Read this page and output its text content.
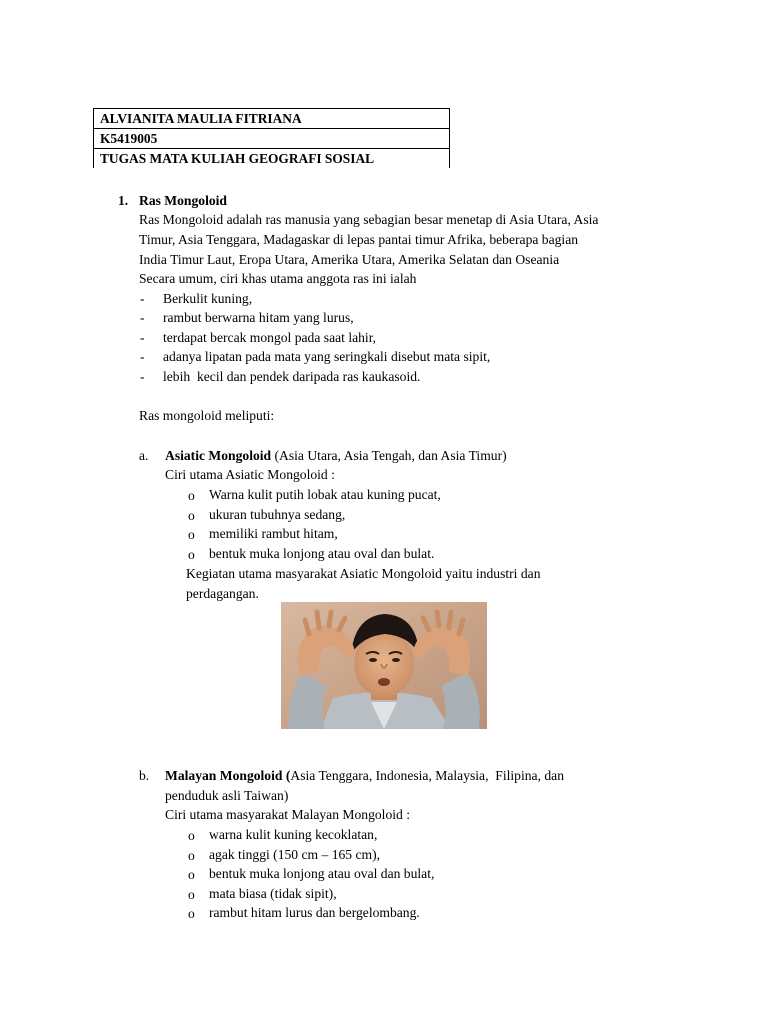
ALVIANITA MAULIA FITRIANA
K5419005
TUGAS MATA KULIAH GEOGRAFI SOSIAL
1. Ras Mongoloid
Ras Mongoloid adalah ras manusia yang sebagian besar menetap di Asia Utara, Asia
Timur, Asia Tenggara, Madagaskar di lepas pantai timur Afrika, beberapa bagian
India Timur Laut, Eropa Utara, Amerika Utara, Amerika Selatan dan Oseania
Secara umum, ciri khas utama anggota ras ini ialah
- Berkulit kuning,
- rambut berwarna hitam yang lurus,
- terdapat bercak mongol pada saat lahir,
- adanya lipatan pada mata yang seringkali disebut mata sipit,
- lebih  kecil dan pendek daripada ras kaukasoid.
Ras mongoloid meliputi:
a. Asiatic Mongoloid (Asia Utara, Asia Tengah, dan Asia Timur)
Ciri utama Asiatic Mongoloid :
o Warna kulit putih lobak atau kuning pucat,
o ukuran tubuhnya sedang,
o memiliki rambut hitam,
o bentuk muka lonjong atau oval dan bulat.
Kegiatan utama masyarakat Asiatic Mongoloid yaitu industri dan
perdagangan.
b. Malayan Mongoloid (Asia Tenggara, Indonesia, Malaysia,  Filipina, dan
penduduk asli Taiwan)
Ciri utama masyarakat Malayan Mongoloid :
o warna kulit kuning kecoklatan,
o agak tinggi (150 cm – 165 cm),
o bentuk muka lonjong atau oval dan bulat,
o mata biasa (tidak sipit),
o rambut hitam lurus dan bergelombang.
